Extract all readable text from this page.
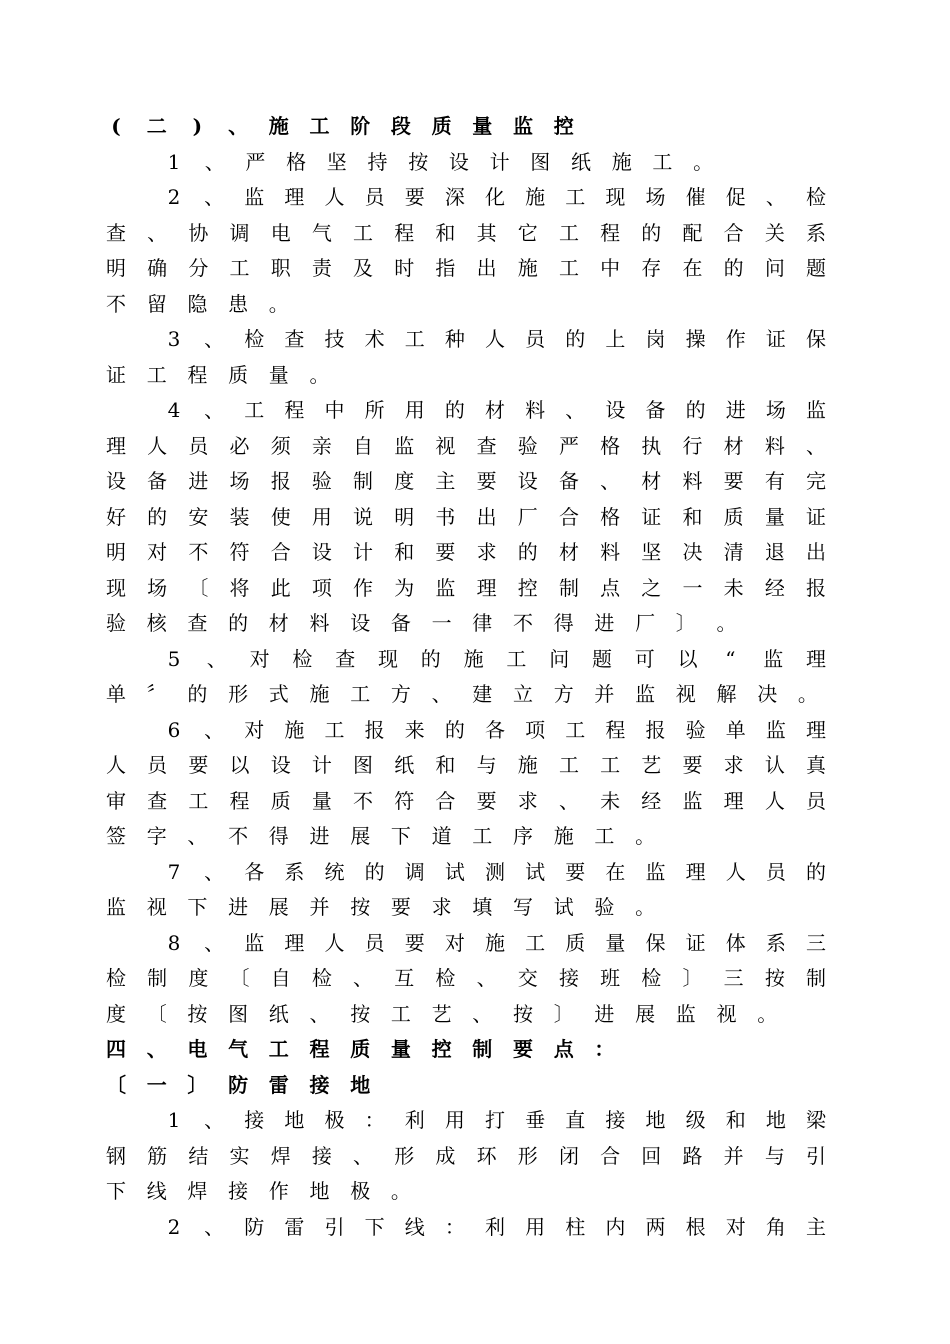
(	二	)	、 施 工 阶 段 质 量 监 控
1 、 严 格 坚 持 按 设 计 图 纸 施 工 。
2 、 监 理 人 员 要 深 化 施 工 现 场 催 促 、 检
查 、 协 调 电 气 工 程 和 其 它 工 程 的 配 合 关 系
明 确 分 工 职 责 及 时 指 出 施 工 中 存 在 的 问 题
不 留 隐 患 。
3 、 检 查 技 术 工 种 人 员 的 上 岗 操 作 证 保
证 工 程 质 量 。
4 、 工 程 中 所 用 的 材 料 、 设 备 的 进 场 监
理 人 员 必 须 亲 自 监 视 查 验 严 格 执 行 材 料 、
设 备 进 场 报 验 制 度 主 要 设 备 、 材 料 要 有 完
好 的 安 装 使 用 说 明 书 出 厂 合 格 证 和 质 量 证
明 对 不 符 合 设 计 和 要 求 的 材 料 坚 决 清 退 出
现 场 〔 将 此 项 作 为 监 理 控 制 点 之 一 未 经 报
验 核 查 的 材 料 设 备 一 律 不 得 进 厂 〕 。
5 、 对 检 查 现 的 施 工 问 题 可 以	“	监 理
单 〞 的 形 式 施 工 方 、 建 立 方 并 监 视 解 决 。
6 、 对 施 工 报 来 的 各 项 工 程 报 验 单 监 理
人 员 要 以 设 计 图 纸 和 与 施 工 工 艺 要 求 认 真
审 查 工 程 质 量 不 符 合 要 求 、 未 经 监 理 人 员
签 字 、 不 得 进 展 下 道 工 序 施 工 。
7 、 各 系 统 的 调 试 测 试 要 在 监 理 人 员 的
监 视 下 进 展 并 按 要 求 填 写 试 验 。
8 、 监 理 人 员 要 对 施 工 质 量 保 证 体 系 三
检 制 度 〔 自 检 、 互 检 、 交 接 班 检 〕 三 按 制
度 〔 按 图 纸 、 按 工 艺 、 按 〕 进 展 监 视 。
四 、 电 气 工 程 质 量 控 制 要 点 ：
〔 一 〕 防 雷 接 地
1 、 接 地 极 ： 利 用 打 垂 直 接 地 级 和 地 梁
钢 筋 结 实 焊 接 、 形 成 环 形 闭 合 回 路 并 与 引
下 线 焊 接 作 地 极 。
2 、 防 雷 引 下 线 ： 利 用 柱 内 两 根 对 角 主
